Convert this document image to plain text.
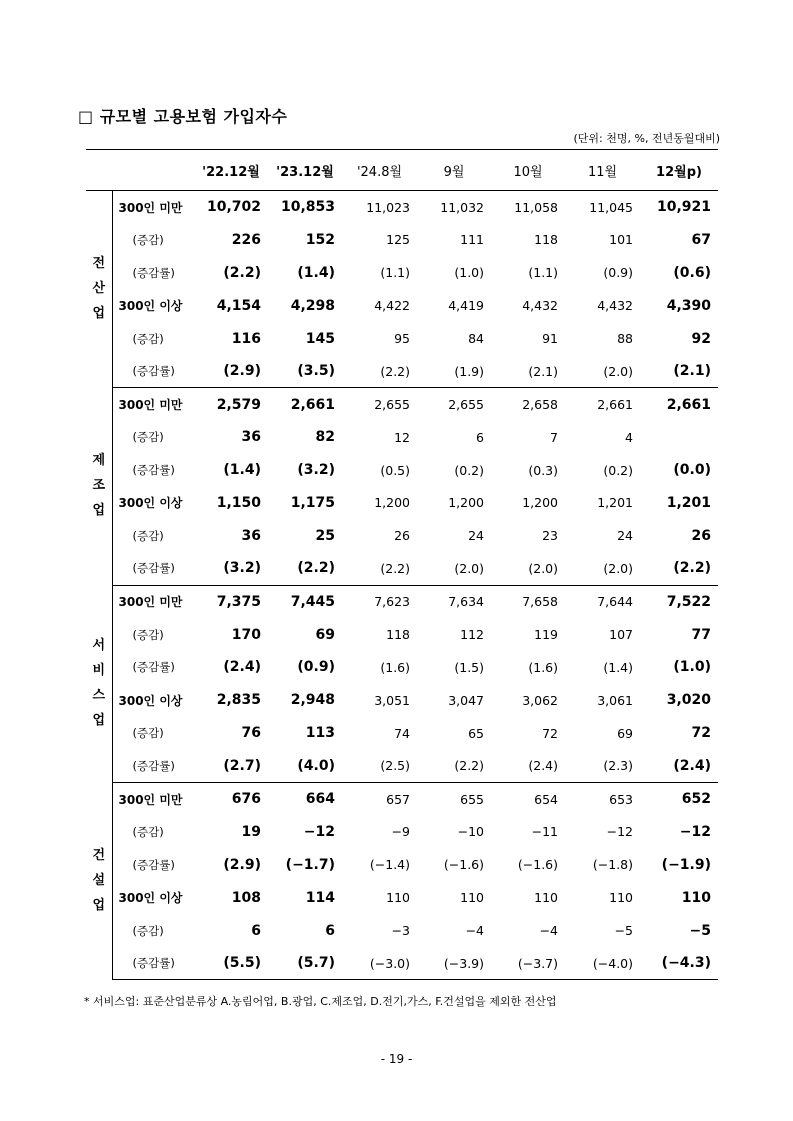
□ 규모별 고용보험 가입자수
(단위: 천명, %, 전년동월대비)
		'22.12월	'23.12월	'24.8월	9월	10월	11월	12월p)
전
산
업	300인 미만	10,702	10,853	11,023	11,032	11,058	11,045	10,921
	(증감)	226	152	125	111	118	101	67
	(증감률)	(2.2)	(1.4)	(1.1)	(1.0)	(1.1)	(0.9)	(0.6)
	300인 이상	4,154	4,298	4,422	4,419	4,432	4,432	4,390
	(증감)	116	145	95	84	91	88	92
	(증감률)	(2.9)	(3.5)	(2.2)	(1.9)	(2.1)	(2.0)	(2.1)
제
조
업	300인 미만	2,579	2,661	2,655	2,655	2,658	2,661	2,661
	(증감)	36	82	12	6	7	4	
	(증감률)	(1.4)	(3.2)	(0.5)	(0.2)	(0.3)	(0.2)	(0.0)
	300인 이상	1,150	1,175	1,200	1,200	1,200	1,201	1,201
	(증감)	36	25	26	24	23	24	26
	(증감률)	(3.2)	(2.2)	(2.2)	(2.0)	(2.0)	(2.0)	(2.2)
서
비
스
업	300인 미만	7,375	7,445	7,623	7,634	7,658	7,644	7,522
	(증감)	170	69	118	112	119	107	77
	(증감률)	(2.4)	(0.9)	(1.6)	(1.5)	(1.6)	(1.4)	(1.0)
	300인 이상	2,835	2,948	3,051	3,047	3,062	3,061	3,020
	(증감)	76	113	74	65	72	69	72
	(증감률)	(2.7)	(4.0)	(2.5)	(2.2)	(2.4)	(2.3)	(2.4)
건
설
업	300인 미만	676	664	657	655	654	653	652
	(증감)	19	−12	−9	−10	−11	−12	−12
	(증감률)	(2.9)	(−1.7)	(−1.4)	(−1.6)	(−1.6)	(−1.8)	(−1.9)
	300인 이상	108	114	110	110	110	110	110
	(증감)	6	6	−3	−4	−4	−5	−5
	(증감률)	(5.5)	(5.7)	(−3.0)	(−3.9)	(−3.7)	(−4.0)	(−4.3)
* 서비스업: 표준산업분류상 A.농림어업, B.광업, C.제조업, D.전기,가스, F.건설업을 제외한 전산업
- 19 -
